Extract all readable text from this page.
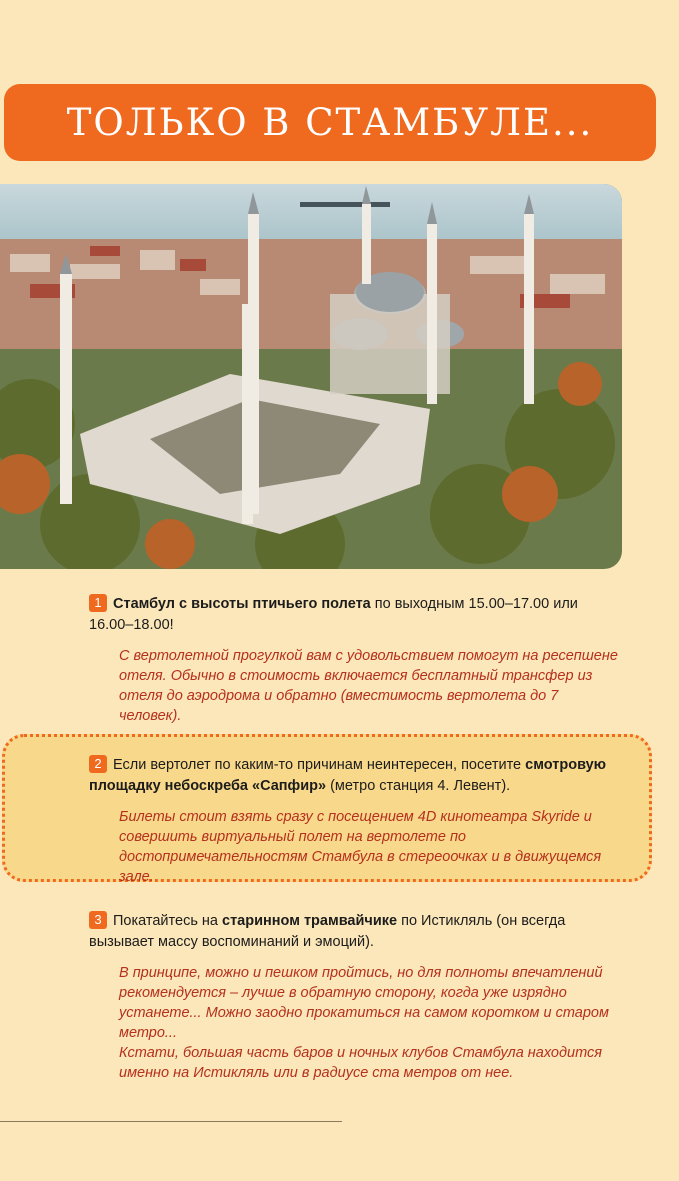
ТОЛЬКО В СТАМБУЛЕ...
1 Стамбул с высоты птичьего полета по выходным 15.00–17.00 или 16.00–18.00!
С вертолетной прогулкой вам с удовольствием помогут на ресепшене отеля. Обычно в стоимость включается бесплатный трансфер из отеля до аэродрома и обратно (вместимость вертолета до 7 человек).
2 Если вертолет по каким-то причинам неинтересен, посетите смотровую площадку небоскреба «Сапфир» (метро станция 4. Левент).
Билеты стоит взять сразу с посещением 4D кинотеатра Skyride и совершить виртуальный полет на вертолете по достопримечательностям Стамбула в стереоочках и в движущемся зале.
3 Покатайтесь на старинном трамвайчике по Истикляль (он всегда вызывает массу воспоминаний и эмоций).
В принципе, можно и пешком пройтись, но для полноты впечатлений рекомендуется – лучше в обратную сторону, когда уже изрядно устанете... Можно заодно прокатиться на самом коротком и старом метро...
Кстати, большая часть баров и ночных клубов Стамбула находится именно на Истикляль или в радиусе ста метров от нее.
